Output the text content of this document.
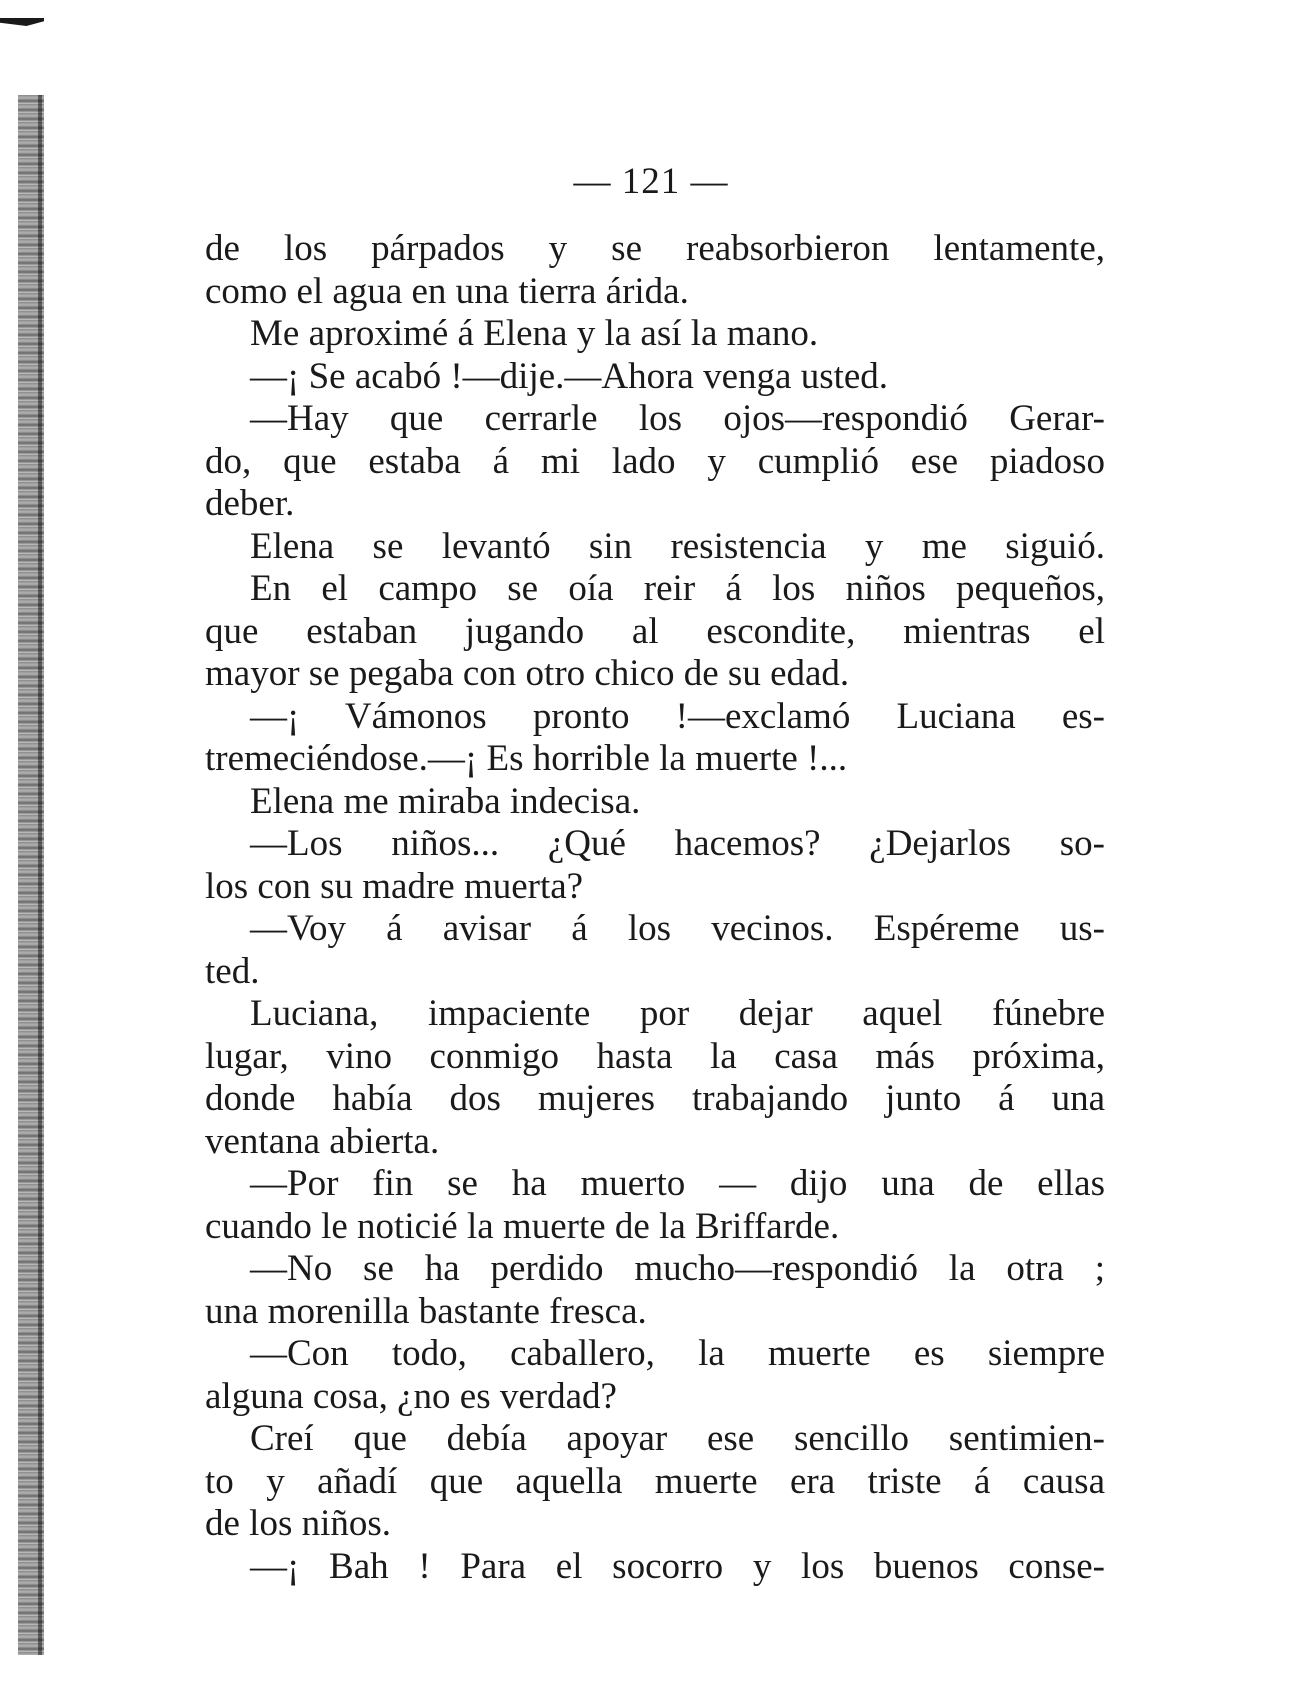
— 121 —
de los párpados y se reabsorbieron lentamente,
como el agua en una tierra árida.
Me aproximé á Elena y la así la mano.
—¡ Se acabó !—dije.—Ahora venga usted.
—Hay que cerrarle los ojos—respondió Gerar-
do, que estaba á mi lado y cumplió ese piadoso
deber.
Elena se levantó sin resistencia y me siguió.
En el campo se oía reir á los niños pequeños,
que estaban jugando al escondite, mientras el
mayor se pegaba con otro chico de su edad.
—¡ Vámonos pronto !—exclamó Luciana es-
tremeciéndose.—¡ Es horrible la muerte !...
Elena me miraba indecisa.
—Los niños... ¿Qué hacemos? ¿Dejarlos so-
los con su madre muerta?
—Voy á avisar á los vecinos. Espéreme us-
ted.
Luciana, impaciente por dejar aquel fúnebre
lugar, vino conmigo hasta la casa más próxima,
donde había dos mujeres trabajando junto á una
ventana abierta.
—Por fin se ha muerto — dijo una de ellas
cuando le noticié la muerte de la Briffarde.
—No se ha perdido mucho—respondió la otra ;
una morenilla bastante fresca.
—Con todo, caballero, la muerte es siempre
alguna cosa, ¿no es verdad?
Creí que debía apoyar ese sencillo sentimien-
to y añadí que aquella muerte era triste á causa
de los niños.
—¡ Bah ! Para el socorro y los buenos conse-
